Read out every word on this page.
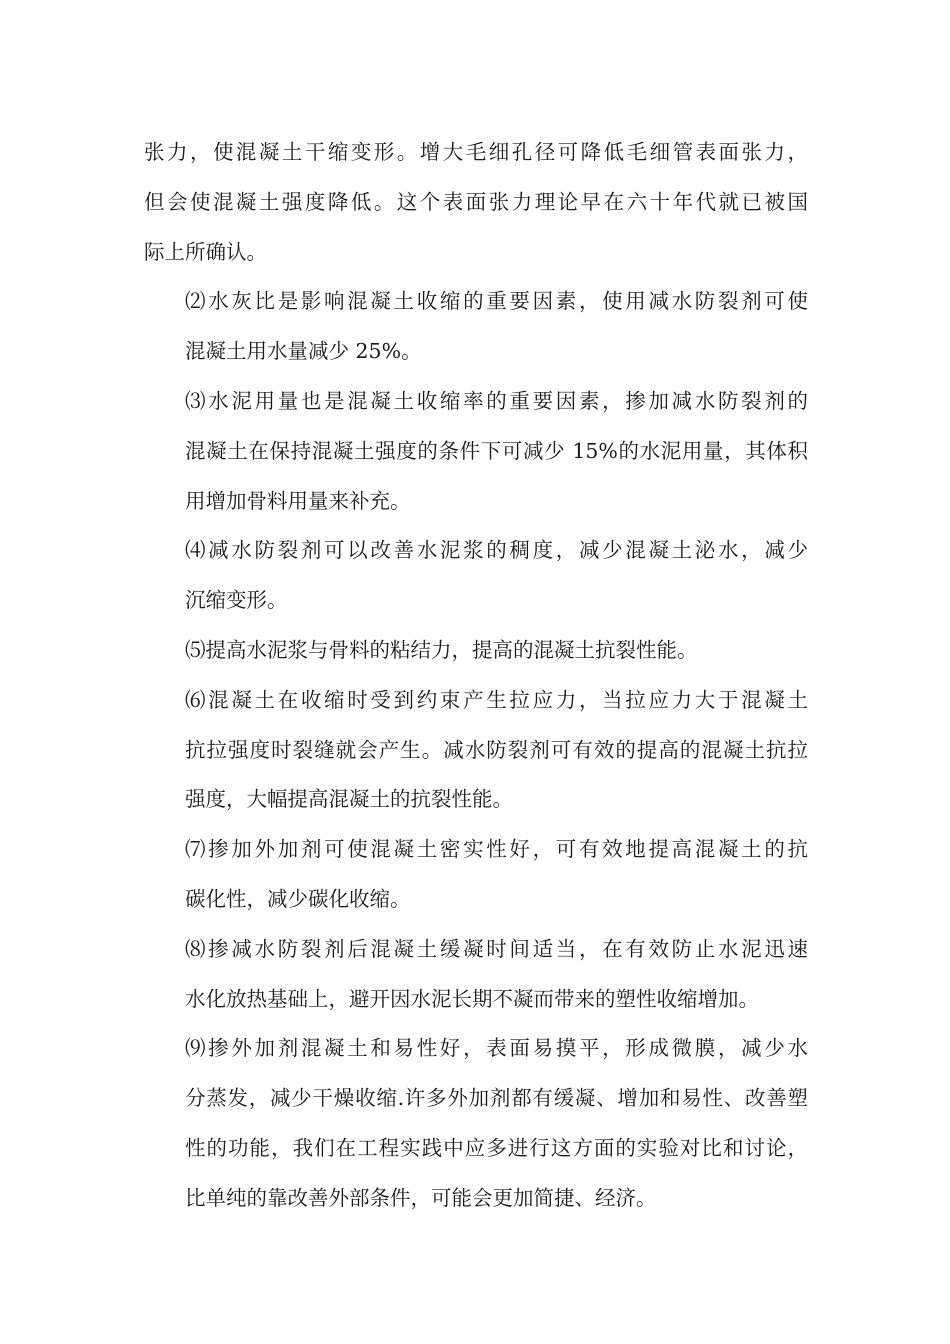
张力，使混凝土干缩变形。增大毛细孔径可降低毛细管表面张力，
但会使混凝土强度降低。这个表面张力理论早在六十年代就已被国
际上所确认。
⑵水灰比是影响混凝土收缩的重要因素，使用减水防裂剂可使
混凝土用水量减少 25%。
⑶水泥用量也是混凝土收缩率的重要因素，掺加减水防裂剂的
混凝土在保持混凝土强度的条件下可减少 15%的水泥用量，其体积
用增加骨料用量来补充。
⑷减水防裂剂可以改善水泥浆的稠度，减少混凝土泌水，减少
沉缩变形。
⑸提高水泥浆与骨料的粘结力，提高的混凝土抗裂性能。
⑹混凝土在收缩时受到约束产生拉应力，当拉应力大于混凝土
抗拉强度时裂缝就会产生。减水防裂剂可有效的提高的混凝土抗拉
强度，大幅提高混凝土的抗裂性能。
⑺掺加外加剂可使混凝土密实性好，可有效地提高混凝土的抗
碳化性，减少碳化收缩。
⑻掺减水防裂剂后混凝土缓凝时间适当，在有效防止水泥迅速
水化放热基础上，避开因水泥长期不凝而带来的塑性收缩增加。
⑼掺外加剂混凝土和易性好，表面易摸平，形成微膜，减少水
分蒸发，减少干燥收缩.许多外加剂都有缓凝、增加和易性、改善塑
性的功能，我们在工程实践中应多进行这方面的实验对比和讨论，
比单纯的靠改善外部条件，可能会更加简捷、经济。
